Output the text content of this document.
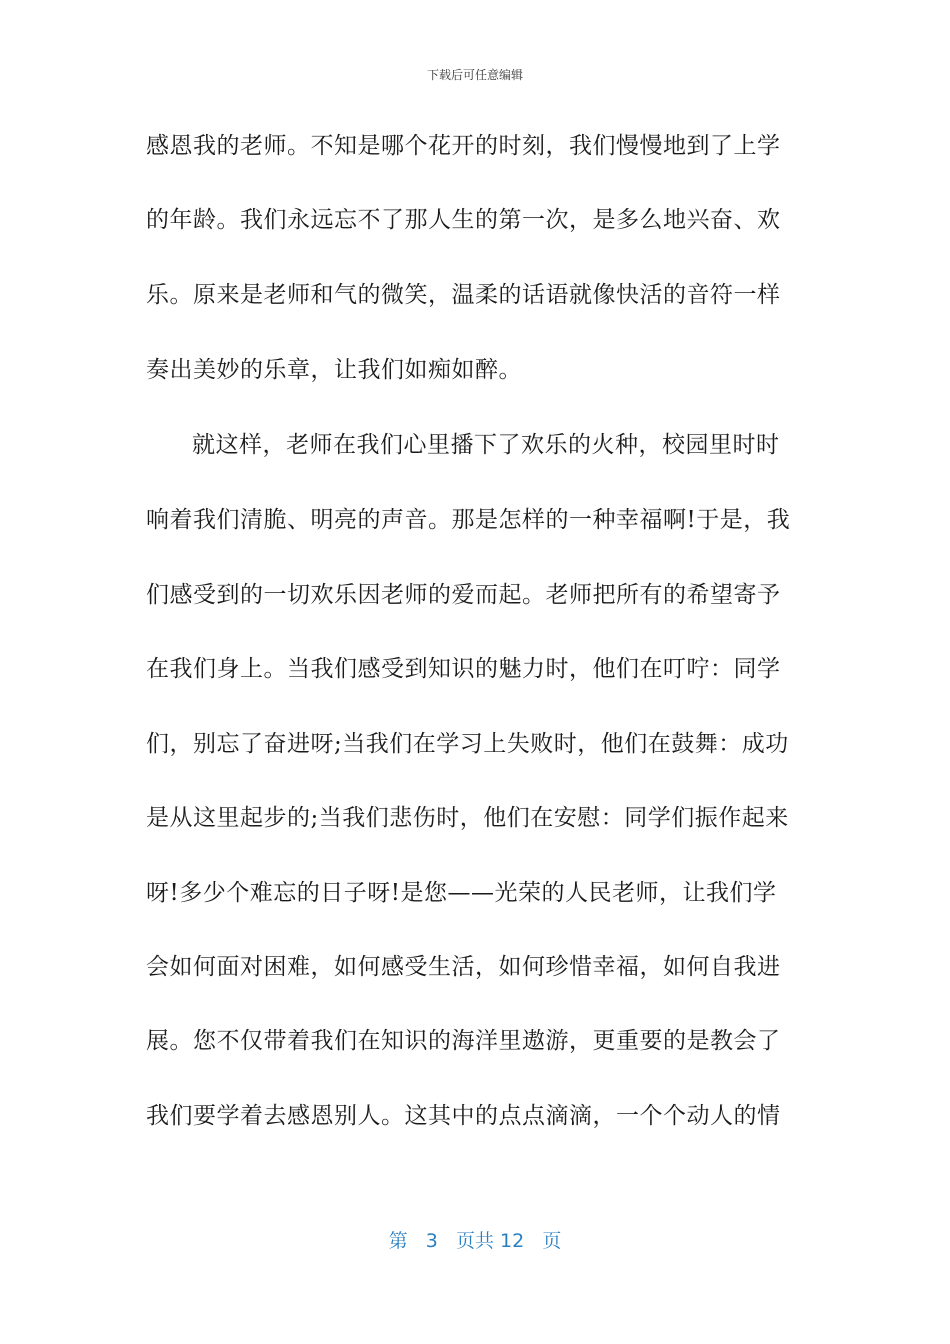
下载后可任意编辑
感恩我的老师。不知是哪个花开的时刻，我们慢慢地到了上学
的年龄。我们永远忘不了那人生的第一次，是多么地兴奋、欢
乐。原来是老师和气的微笑，温柔的话语就像快活的音符一样
奏出美妙的乐章，让我们如痴如醉。
就这样，老师在我们心里播下了欢乐的火种，校园里时时
响着我们清脆、明亮的声音。那是怎样的一种幸福啊!于是，我
们感受到的一切欢乐因老师的爱而起。老师把所有的希望寄予
在我们身上。当我们感受到知识的魅力时，他们在叮咛：同学
们，别忘了奋进呀;当我们在学习上失败时，他们在鼓舞：成功
是从这里起步的;当我们悲伤时，他们在安慰：同学们振作起来
呀!多少个难忘的日子呀!是您——光荣的人民老师，让我们学
会如何面对困难，如何感受生活，如何珍惜幸福，如何自我进
展。您不仅带着我们在知识的海洋里遨游，更重要的是教会了
我们要学着去感恩别人。这其中的点点滴滴，一个个动人的情
第 3 页共 12 页
